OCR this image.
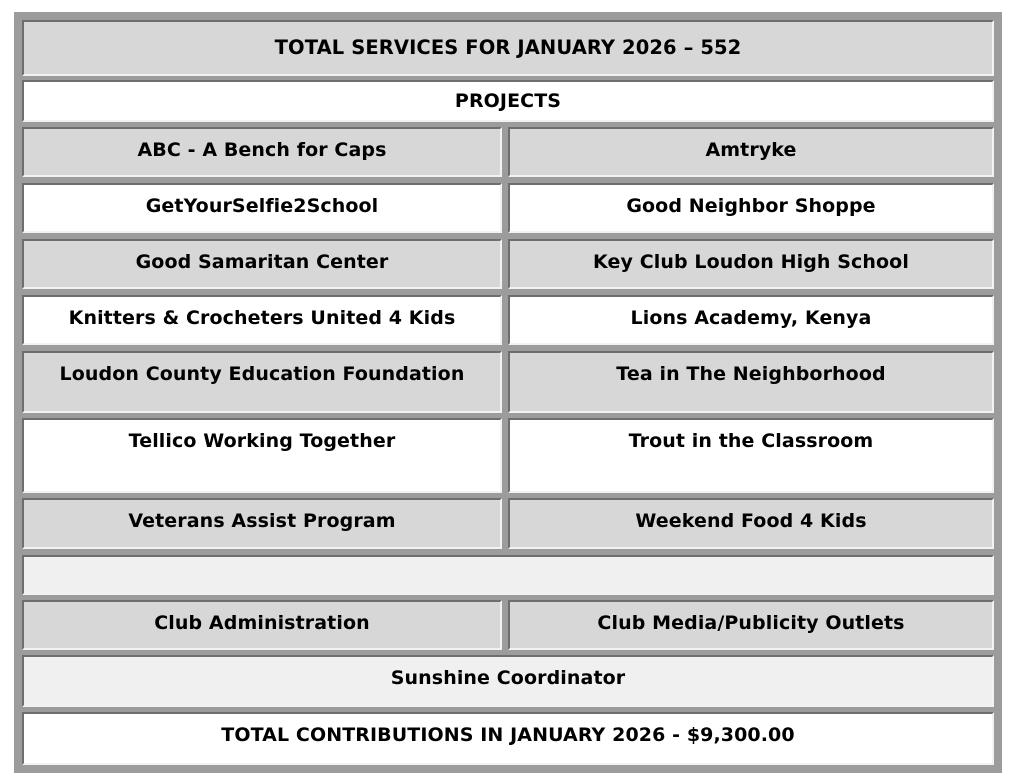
TOTAL SERVICES FOR JANUARY 2026 – 552
PROJECTS
ABC - A Bench for Caps	Amtryke
GetYourSelfie2School	Good Neighbor Shoppe
Good Samaritan Center	Key Club Loudon High School
Knitters & Crocheters United 4 Kids	Lions Academy, Kenya
Loudon County Education Foundation	Tea in The Neighborhood
Tellico Working Together	Trout in the Classroom
Veterans Assist Program	Weekend Food 4 Kids
Club Administration	Club Media/Publicity Outlets
Sunshine Coordinator
TOTAL CONTRIBUTIONS IN JANUARY 2026 - $9,300.00
